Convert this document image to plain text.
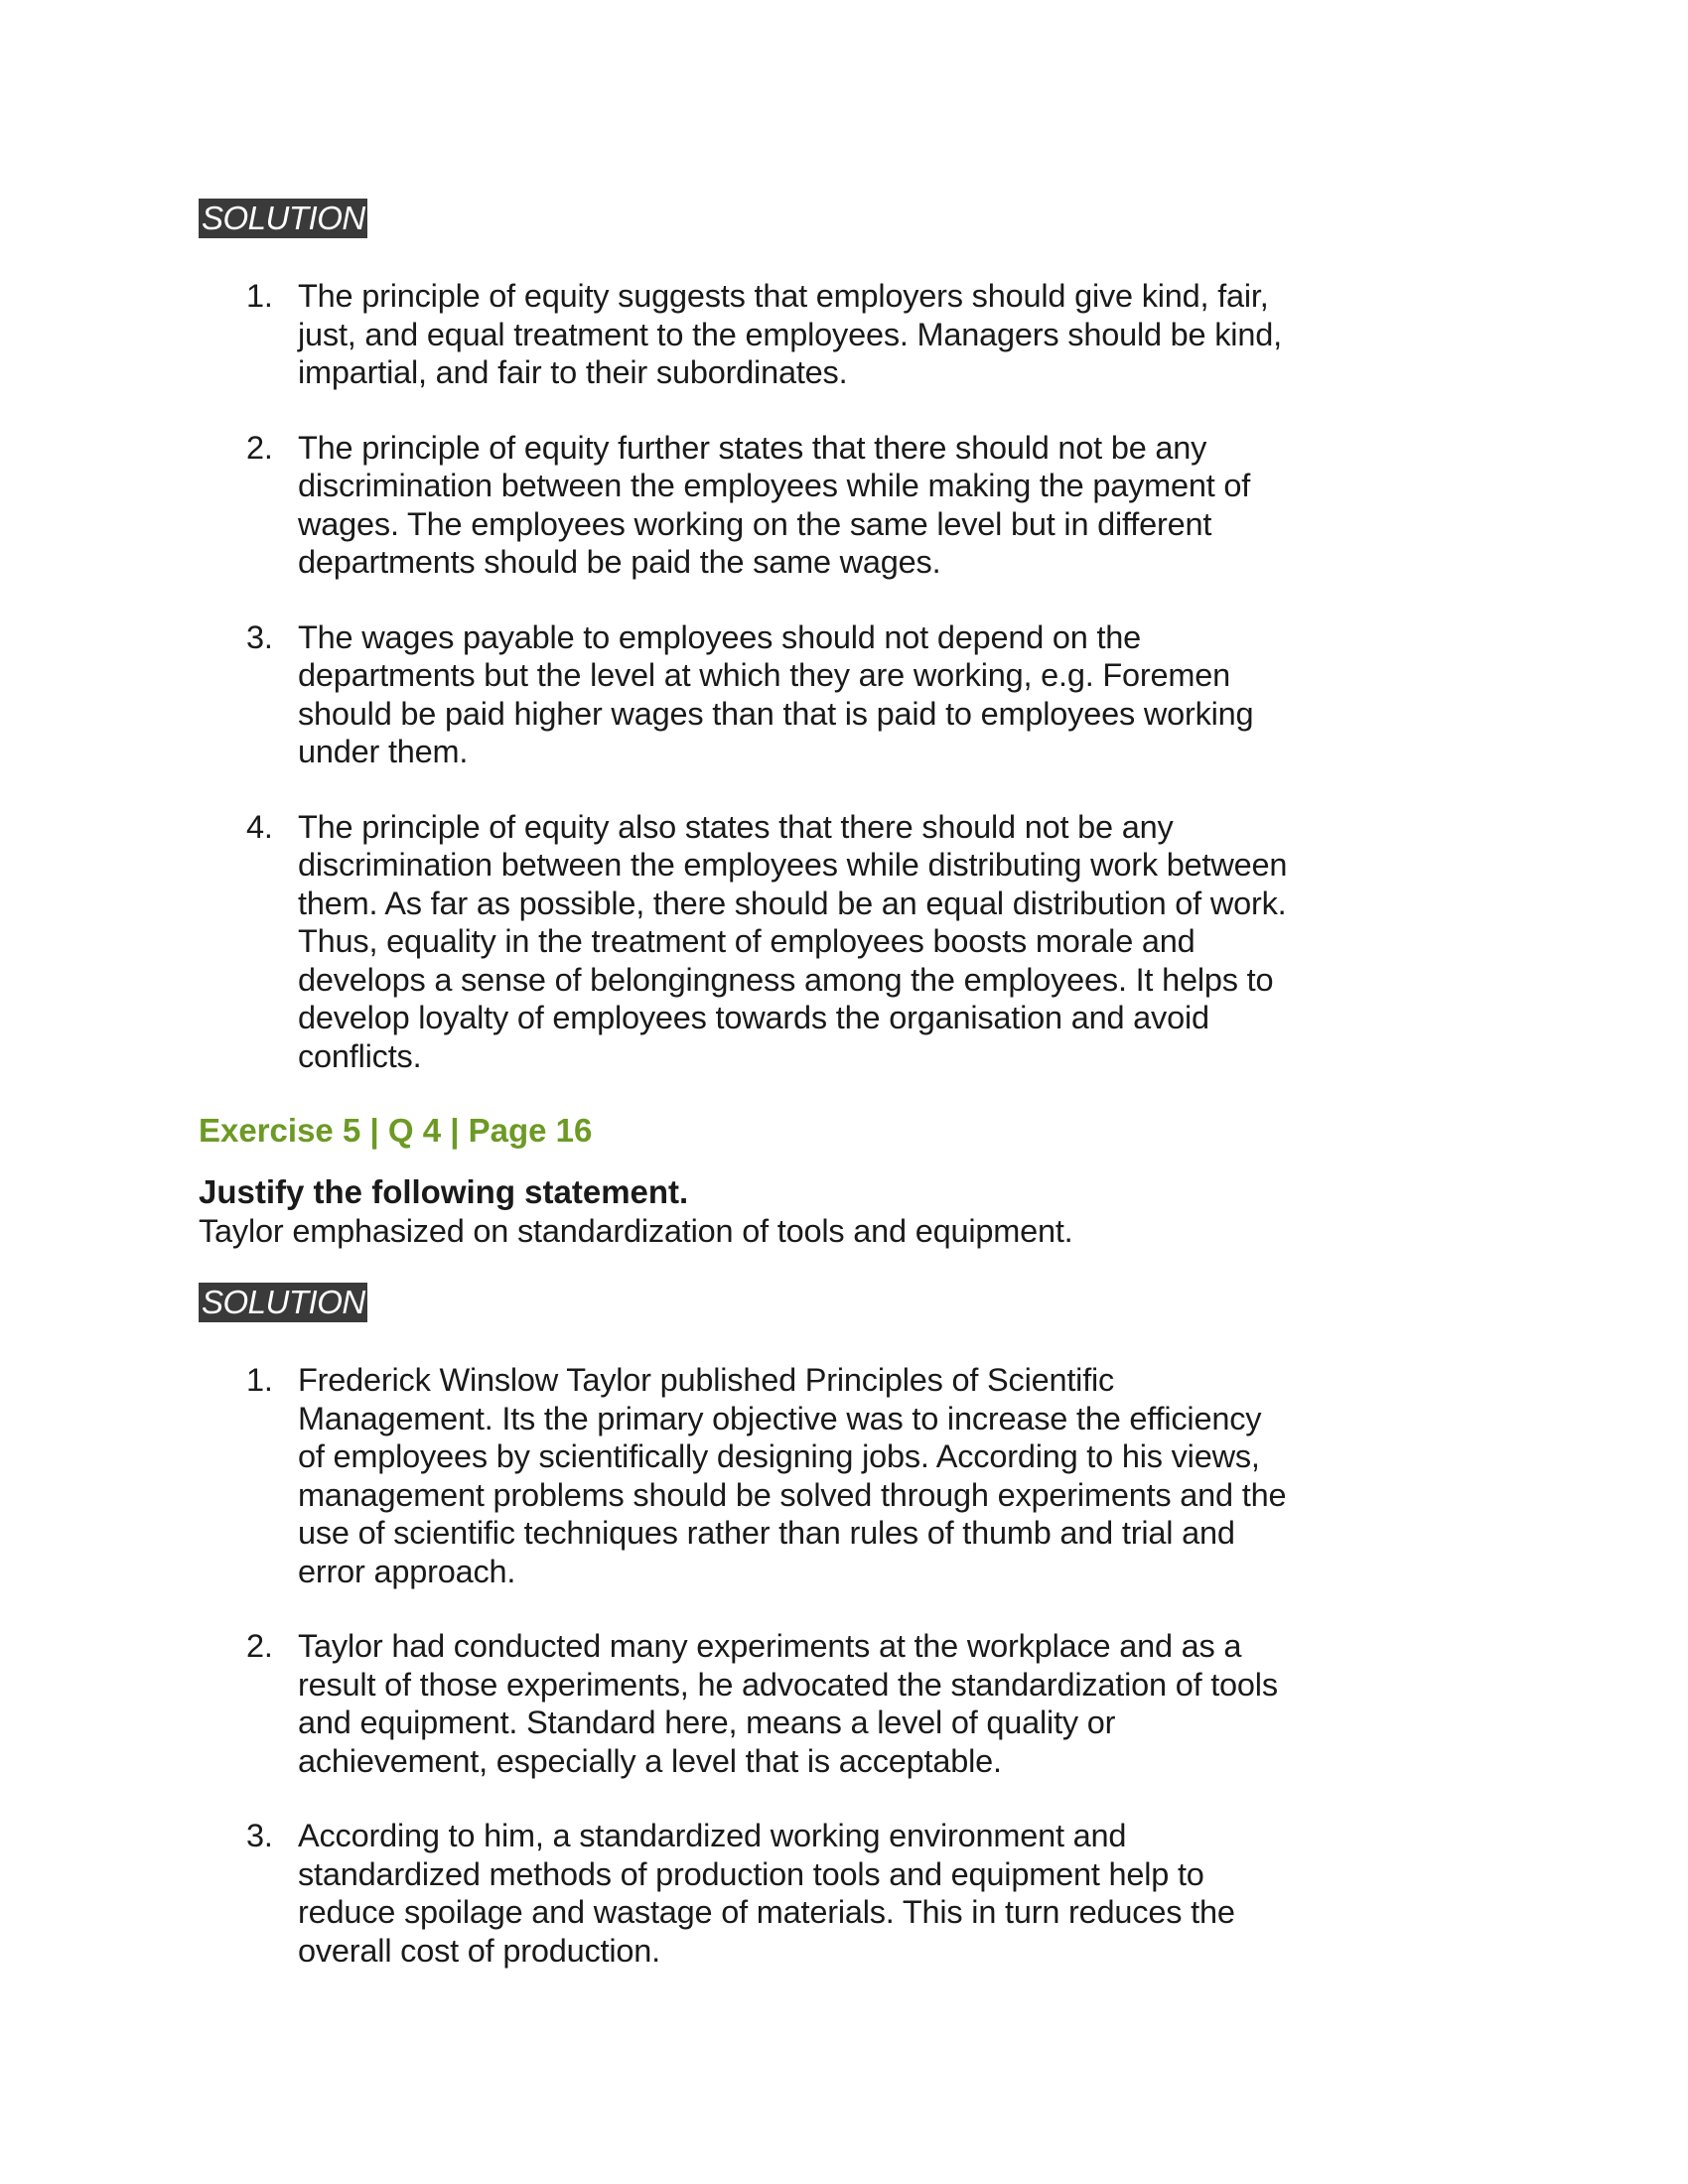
SOLUTION
1. The principle of equity suggests that employers should give kind, fair, just, and equal treatment to the employees. Managers should be kind, impartial, and fair to their subordinates.
2. The principle of equity further states that there should not be any discrimination between the employees while making the payment of wages. The employees working on the same level but in different departments should be paid the same wages.
3. The wages payable to employees should not depend on the departments but the level at which they are working, e.g. Foremen should be paid higher wages than that is paid to employees working under them.
4. The principle of equity also states that there should not be any discrimination between the employees while distributing work between them. As far as possible, there should be an equal distribution of work. Thus, equality in the treatment of employees boosts morale and develops a sense of belongingness among the employees. It helps to develop loyalty of employees towards the organisation and avoid conflicts.
Exercise 5 | Q 4 | Page 16
Justify the following statement.
Taylor emphasized on standardization of tools and equipment.
SOLUTION
1. Frederick Winslow Taylor published Principles of Scientific Management. Its the primary objective was to increase the efficiency of employees by scientifically designing jobs. According to his views, management problems should be solved through experiments and the use of scientific techniques rather than rules of thumb and trial and error approach.
2. Taylor had conducted many experiments at the workplace and as a result of those experiments, he advocated the standardization of tools and equipment. Standard here, means a level of quality or achievement, especially a level that is acceptable.
3. According to him, a standardized working environment and standardized methods of production tools and equipment help to reduce spoilage and wastage of materials. This in turn reduces the overall cost of production.
